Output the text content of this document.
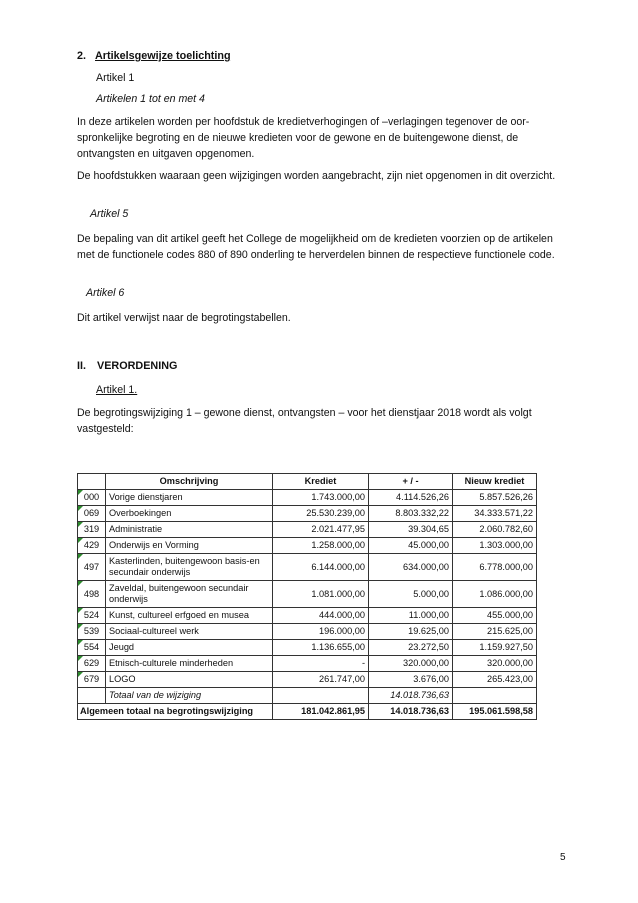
2. Artikelsgewijze toelichting
Artikel 1
Artikelen 1 tot en met 4
In deze artikelen worden per hoofdstuk de kredietverhogingen of –verlagingen tegenover de oor-spronkelijke begroting en de nieuwe kredieten voor de gewone en de buitengewone dienst, de ontvangsten en uitgaven opgenomen.
De hoofdstukken waaraan geen wijzigingen worden aangebracht, zijn niet opgenomen in dit overzicht.
Artikel 5
De bepaling van dit artikel geeft het College de mogelijkheid om de kredieten voorzien op de artikelen met de functionele codes 880 of 890 onderling te herverdelen binnen de respectieve functionele code.
Artikel 6
Dit artikel verwijst naar de begrotingstabellen.
II. VERORDENING
Artikel 1.
De begrotingswijziging 1 – gewone dienst, ontvangsten – voor het dienstjaar 2018 wordt als volgt vastgesteld:
	Omschrijving	Krediet	+ / -	Nieuw krediet
000	Vorige dienstjaren	1.743.000,00	4.114.526,26	5.857.526,26
069	Overboekingen	25.530.239,00	8.803.332,22	34.333.571,22
319	Administratie	2.021.477,95	39.304,65	2.060.782,60
429	Onderwijs en Vorming	1.258.000,00	45.000,00	1.303.000,00
497	Kasterlinden, buitengewoon basis-en secundair onderwijs	6.144.000,00	634.000,00	6.778.000,00
498	Zaveldal, buitengewoon secundair onderwijs	1.081.000,00	5.000,00	1.086.000,00
524	Kunst, cultureel erfgoed en musea	444.000,00	11.000,00	455.000,00
539	Sociaal-cultureel werk	196.000,00	19.625,00	215.625,00
554	Jeugd	1.136.655,00	23.272,50	1.159.927,50
629	Etnisch-culturele minderheden	-	320.000,00	320.000,00
679	LOGO	261.747,00	3.676,00	265.423,00
	Totaal van de wijziging		14.018.736,63	
Algemeen totaal na begrotingswijziging		181.042.861,95	14.018.736,63	195.061.598,58
5
